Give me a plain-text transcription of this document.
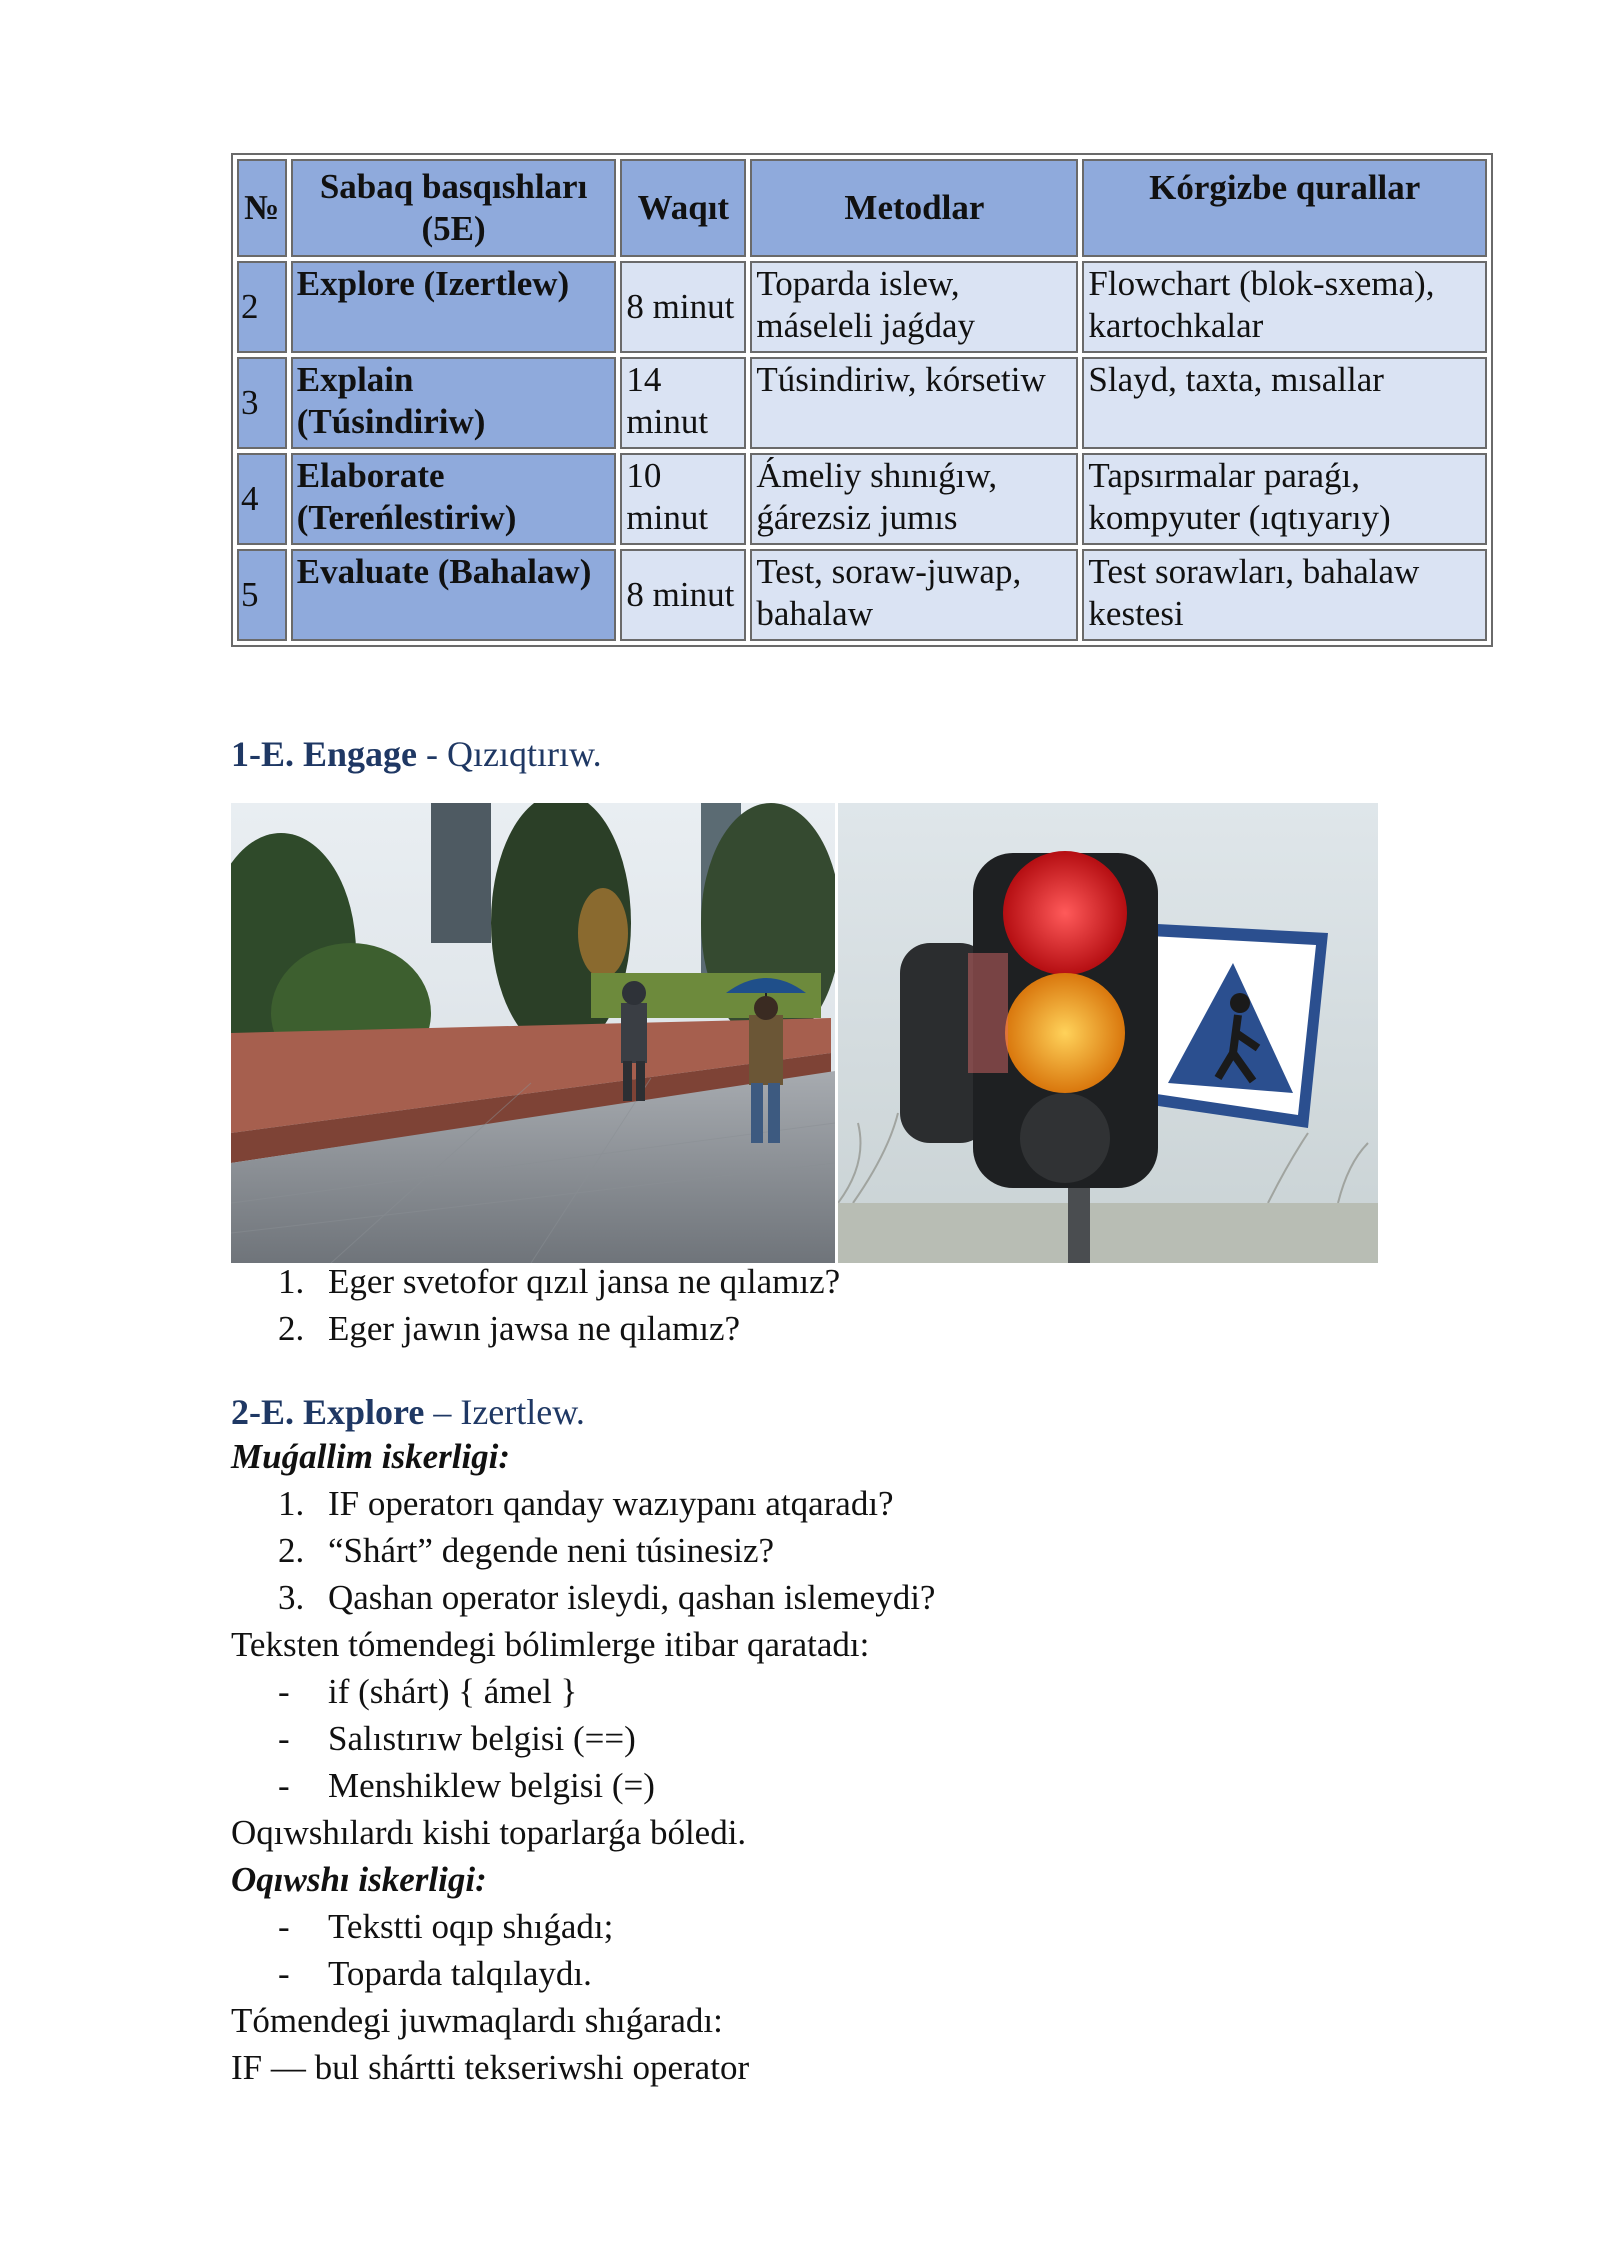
№	Sabaq basqıshları (5E)	Waqıt	Metodlar	Kórgizbe qurallar
2	Explore (Izertlew)	8 minut	Toparda islew, máseleli jaǵday	Flowchart (blok-sxema), kartochkalar
3	Explain (Túsindiriw)	14 minut	Túsindiriw, kórsetiw	Slayd, taxta, mısallar
4	Elaborate (Tereńlestiriw)	10 minut	Ámeliy shınıǵıw, ǵárezsiz jumıs	Tapsırmalar paraǵı, kompyuter (ıqtıyarıy)
5	Evaluate (Bahalaw)	8 minut	Test, soraw-juwap, bahalaw	Test sorawları, bahalaw kestesi

1-E. Engage - Qızıqtırıw.

1. Eger svetofor qızıl jansa ne qılamız?
2. Eger jawın jawsa ne qılamız?

2-E. Explore – Izertlew.

Muǵallim iskerligi:

1. IF operatorı qanday wazıypanı atqaradı?
2. “Shárt” degende neni túsinesiz?
3. Qashan operator isleydi, qashan islemeydi?

Teksten tómendegi bólimlerge itibar qaratadı:

- if (shárt) { ámel }
- Salıstırıw belgisi (==)
- Menshiklew belgisi (=)

Oqıwshılardı kishi toparlarǵa bóledi.

Oqıwshı iskerligi:

- Tekstti oqıp shıǵadı;
- Toparda talqılaydı.

Tómendegi juwmaqlardı shıǵaradı:

IF — bul shártti tekseriwshi operator
